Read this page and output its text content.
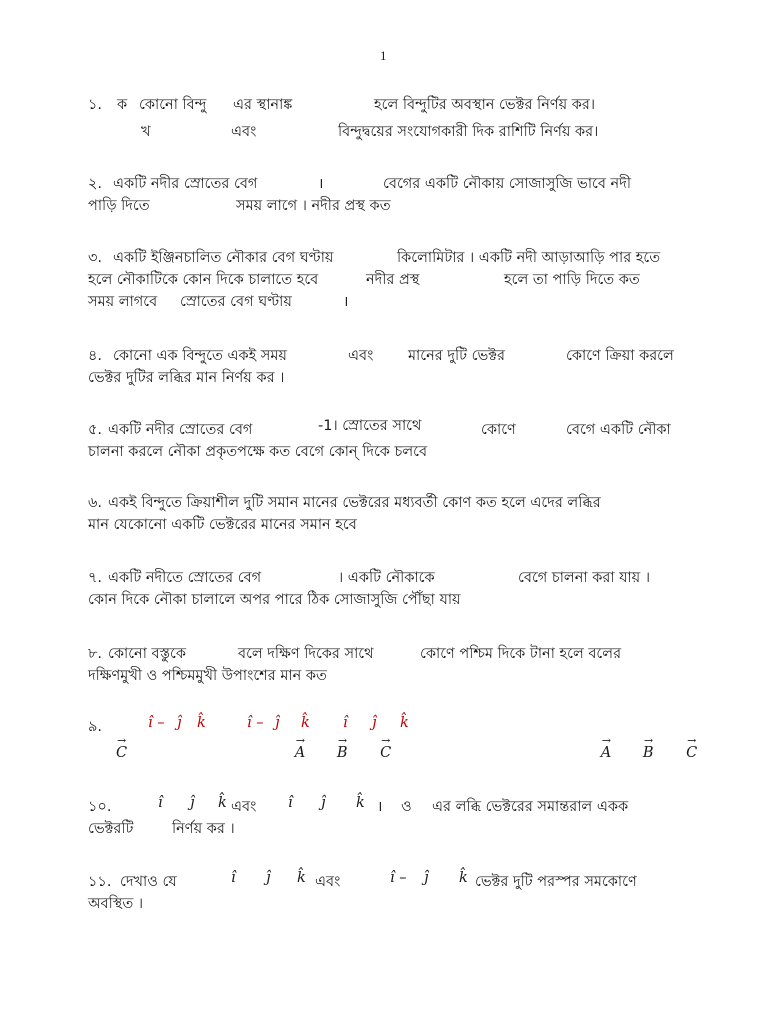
1
১. ক কোনো বিন্দু এর স্থানাঙ্ক	হলে বিন্দুটির অবস্থান ভেক্টর নির্ণয় কর।
খ	এবং	বিন্দুদ্বয়ের সংযোগকারী দিক রাশিটি নির্ণয় কর।
২. একটি নদীর স্রোতের বেগ	।	বেগের একটি নৌকায় সোজাসুজি ভাবে নদী
পাড়ি দিতে	সময় লাগে । নদীর প্রস্থ কত
৩. একটি ইঞ্জিনচালিত নৌকার বেগ ঘণ্টায়	কিলোমিটার । একটি নদী আড়াআড়ি পার হতে
হলে নৌকাটিকে কোন দিকে চালাতে হবে	নদীর প্রস্থ	হলে তা পাড়ি দিতে কত
সময় লাগবে স্রোতের বেগ ঘণ্টায়	।
৪. কোনো এক বিন্দুতে একই সময়	এবং মানের দুটি ভেক্টর	কোণে ক্রিয়া করলে
ভেক্টর দুটির লব্ধির মান নির্ণয় কর ।
৫. একটি নদীর স্রোতের বেগ	-1। স্রোতের সাথে	কোণে	বেগে একটি নৌকা
চালনা করলে নৌকা প্রকৃতপক্ষে কত বেগে কোন্‌ দিকে চলবে
৬. একই বিন্দুতে ক্রিয়াশীল দুটি সমান মানের ভেক্টরের মধ্যবর্তী কোণ কত হলে এদের লব্ধির
মান যেকোনো একটি ভেক্টরের মানের সমান হবে
৭. একটি নদীতে স্রোতের বেগ	। একটি নৌকাকে	বেগে চালনা করা যায় ।
কোন দিকে নৌকা চালালে অপর পারে ঠিক সোজাসুজি পৌঁছা যায়
৮. কোনো বস্তুকে	বলে দক্ষিণ দিকের সাথে	কোণে পশ্চিম দিকে টানা হলে বলের
দক্ষিণমুখী ও পশ্চিমমুখী উপাংশের মান কত
৯.	î – ĵ k̂	î – ĵ k̂ î ĵ k̂
→ C	→ A → B → C	→ A → B → C
১০.	î ĵ k̂ এবং î ĵ k̂ । ও এর লব্ধি ভেক্টরের সমান্তরাল একক
ভেক্টরটি	নির্ণয় কর ।
১১. দেখাও যে	î ĵ k̂ এবং	î – ĵ k̂ ভেক্টর দুটি পরস্পর সমকোণে
অবস্থিত ।
